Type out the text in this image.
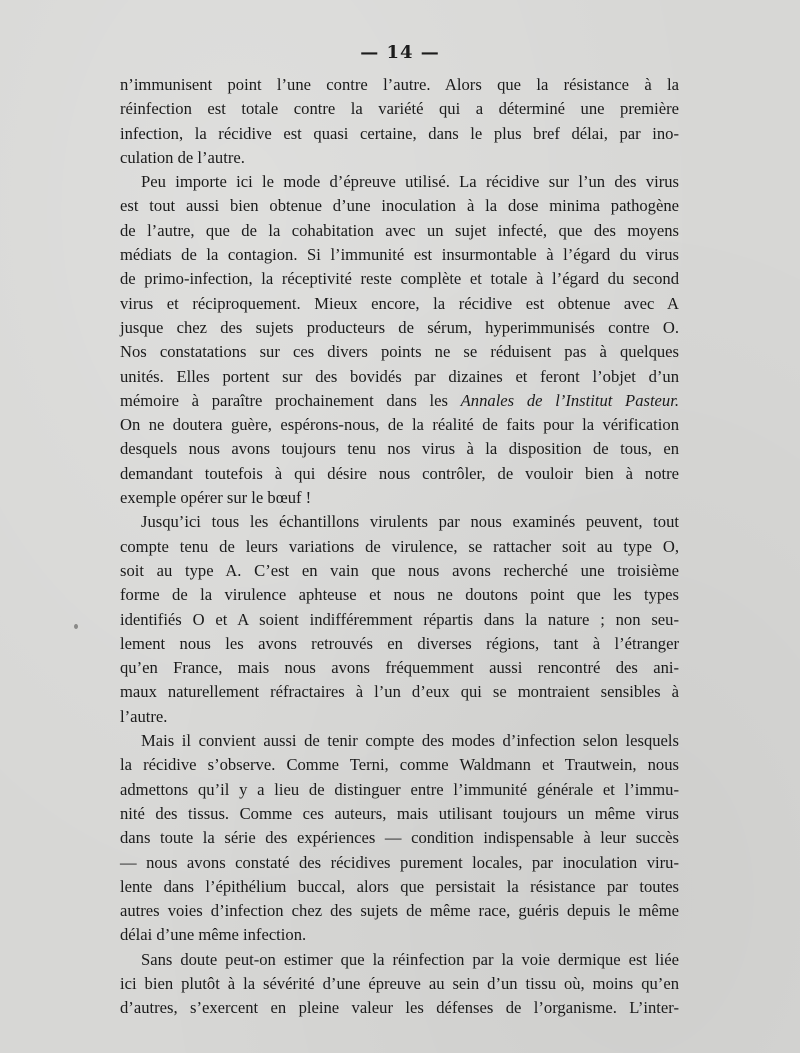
— 14 —
n’immunisent point l’une contre l’autre. Alors que la résistance à la
réinfection est totale contre la variété qui a déterminé une première
infection, la récidive est quasi certaine, dans le plus bref délai, par ino-
culation de l’autre.
Peu importe ici le mode d’épreuve utilisé. La récidive sur l’un des virus
est tout aussi bien obtenue d’une inoculation à la dose minima pathogène
de l’autre, que de la cohabitation avec un sujet infecté, que des moyens
médiats de la contagion. Si l’immunité est insurmontable à l’égard du virus
de primo-infection, la réceptivité reste complète et totale à l’égard du second
virus et réciproquement. Mieux encore, la récidive est obtenue avec A
jusque chez des sujets producteurs de sérum, hyperimmunisés contre O.
Nos constatations sur ces divers points ne se réduisent pas à quelques
unités. Elles portent sur des bovidés par dizaines et feront l’objet d’un
mémoire à paraître prochainement dans les Annales de l’Institut Pasteur.
On ne doutera guère, espérons-nous, de la réalité de faits pour la vérification
desquels nous avons toujours tenu nos virus à la disposition de tous, en
demandant toutefois à qui désire nous contrôler, de vouloir bien à notre
exemple opérer sur le bœuf !
Jusqu’ici tous les échantillons virulents par nous examinés peuvent, tout
compte tenu de leurs variations de virulence, se rattacher soit au type O,
soit au type A. C’est en vain que nous avons recherché une troisième
forme de la virulence aphteuse et nous ne doutons point que les types
identifiés O et A soient indifféremment répartis dans la nature ; non seu-
lement nous les avons retrouvés en diverses régions, tant à l’étranger
qu’en France, mais nous avons fréquemment aussi rencontré des ani-
maux naturellement réfractaires à l’un d’eux qui se montraient sensibles à
l’autre.
Mais il convient aussi de tenir compte des modes d’infection selon lesquels
la récidive s’observe. Comme Terni, comme Waldmann et Trautwein, nous
admettons qu’il y a lieu de distinguer entre l’immunité générale et l’immu-
nité des tissus. Comme ces auteurs, mais utilisant toujours un même virus
dans toute la série des expériences — condition indispensable à leur succès
— nous avons constaté des récidives purement locales, par inoculation viru-
lente dans l’épithélium buccal, alors que persistait la résistance par toutes
autres voies d’infection chez des sujets de même race, guéris depuis le même
délai d’une même infection.
Sans doute peut-on estimer que la réinfection par la voie dermique est liée
ici bien plutôt à la sévérité d’une épreuve au sein d’un tissu où, moins qu’en
d’autres, s’exercent en pleine valeur les défenses de l’organisme. L’inter-
